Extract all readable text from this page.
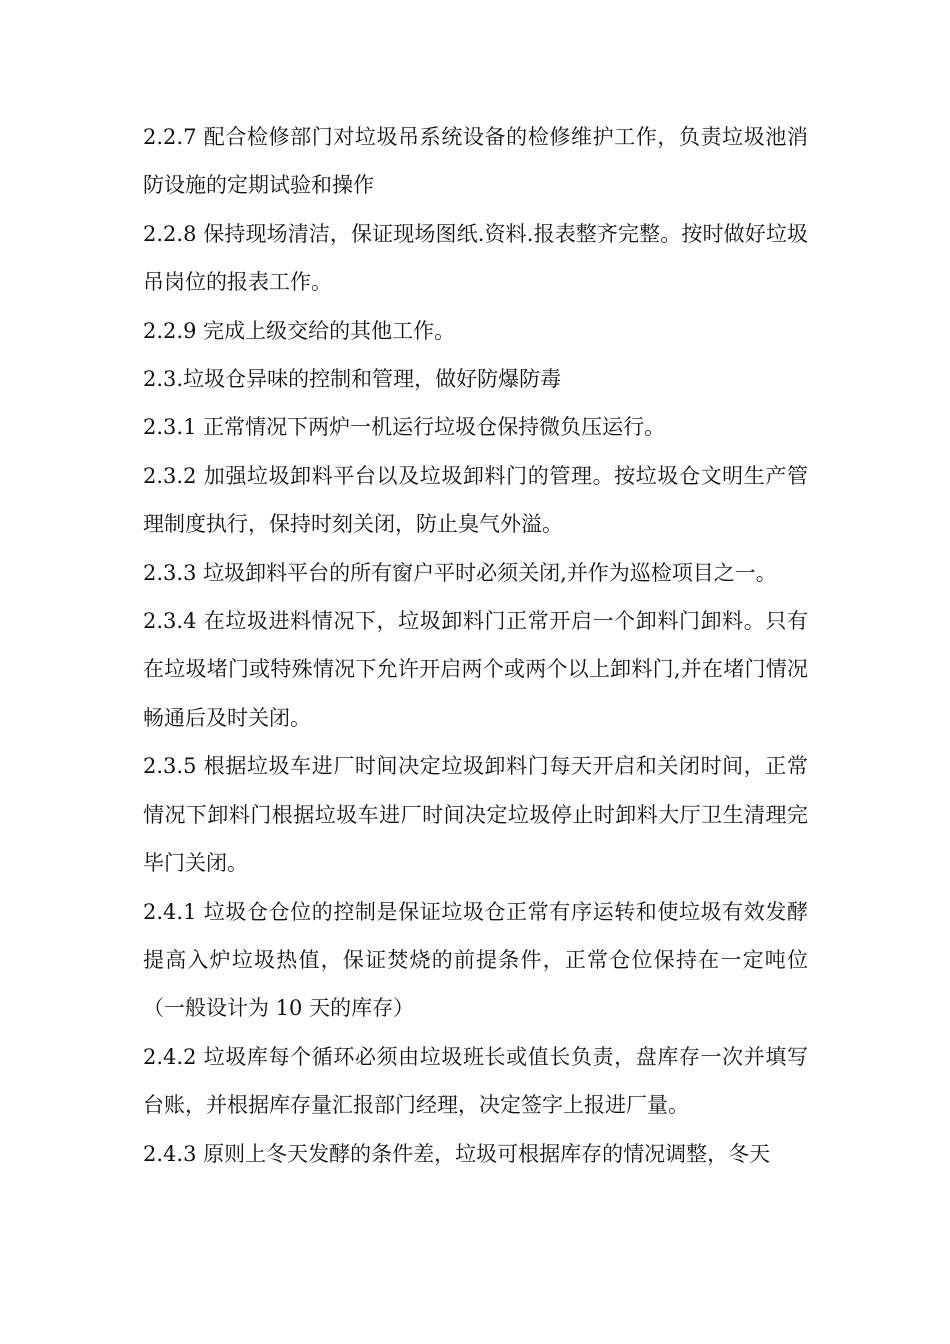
2.2.7 配合检修部门对垃圾吊系统设备的检修维护工作，负责垃圾池消防设施的定期试验和操作

2.2.8 保持现场清洁，保证现场图纸.资料.报表整齐完整。按时做好垃圾吊岗位的报表工作。

2.2.9 完成上级交给的其他工作。

2.3.垃圾仓异味的控制和管理，做好防爆防毒

2.3.1 正常情况下两炉一机运行垃圾仓保持微负压运行。

2.3.2 加强垃圾卸料平台以及垃圾卸料门的管理。按垃圾仓文明生产管理制度执行，保持时刻关闭，防止臭气外溢。

2.3.3 垃圾卸料平台的所有窗户平时必须关闭,并作为巡检项目之一。

2.3.4 在垃圾进料情况下，垃圾卸料门正常开启一个卸料门卸料。只有在垃圾堵门或特殊情况下允许开启两个或两个以上卸料门,并在堵门情况畅通后及时关闭。

2.3.5 根据垃圾车进厂时间决定垃圾卸料门每天开启和关闭时间，正常情况下卸料门根据垃圾车进厂时间决定垃圾停止时卸料大厅卫生清理完毕门关闭。

2.4.1 垃圾仓仓位的控制是保证垃圾仓正常有序运转和使垃圾有效发酵提高入炉垃圾热值，保证焚烧的前提条件，正常仓位保持在一定吨位（一般设计为 10 天的库存）

2.4.2 垃圾库每个循环必须由垃圾班长或值长负责，盘库存一次并填写台账，并根据库存量汇报部门经理，决定签字上报进厂量。

2.4.3 原则上冬天发酵的条件差，垃圾可根据库存的情况调整，冬天
